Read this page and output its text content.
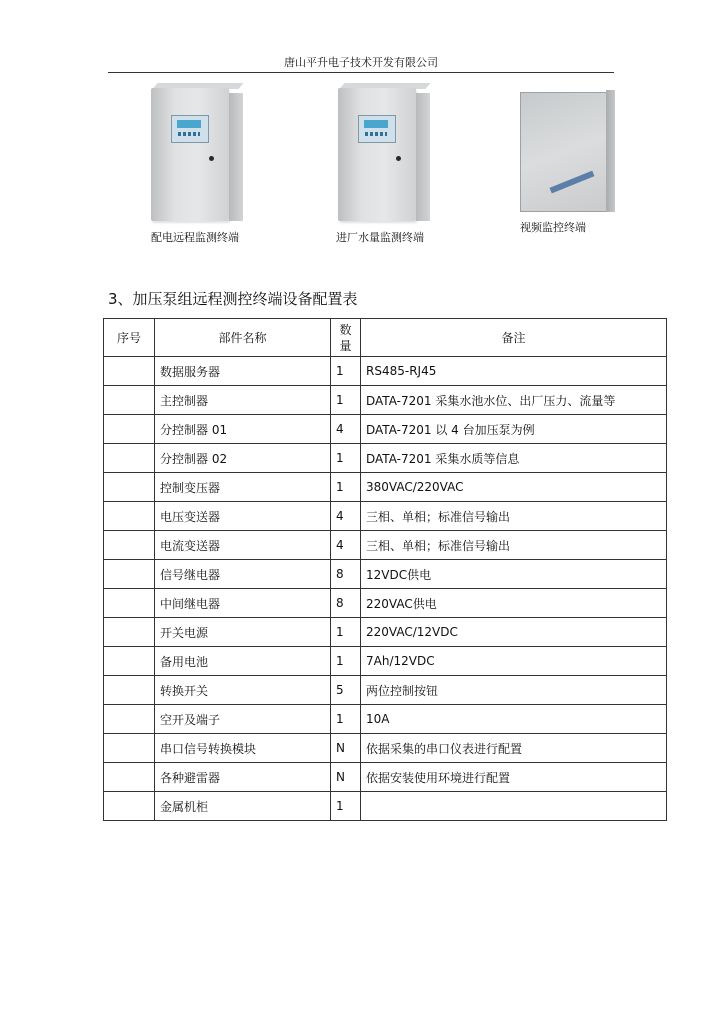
唐山平升电子技术开发有限公司
配电远程监测终端	进厂水量监测终端
视频监控终端
3、加压泵组远程测控终端设备配置表
序号	部件名称	数量	备注
	数据服务器	1	RS485-RJ45
	主控制器	1	DATA-7201 采集水池水位、出厂压力、流量等
	分控制器 01	4	DATA-7201 以 4 台加压泵为例
	分控制器 02	1	DATA-7201 采集水质等信息
	控制变压器	1	380VAC/220VAC
	电压变送器	4	三相、单相；标准信号输出
	电流变送器	4	三相、单相；标准信号输出
	信号继电器	8	12VDC供电
	中间继电器	8	220VAC供电
	开关电源	1	220VAC/12VDC
	备用电池	1	7Ah/12VDC
	转换开关	5	两位控制按钮
	空开及端子	1	10A
	串口信号转换模块	N	依据采集的串口仪表进行配置
	各种避雷器	N	依据安装使用环境进行配置
	金属机柜	1	
